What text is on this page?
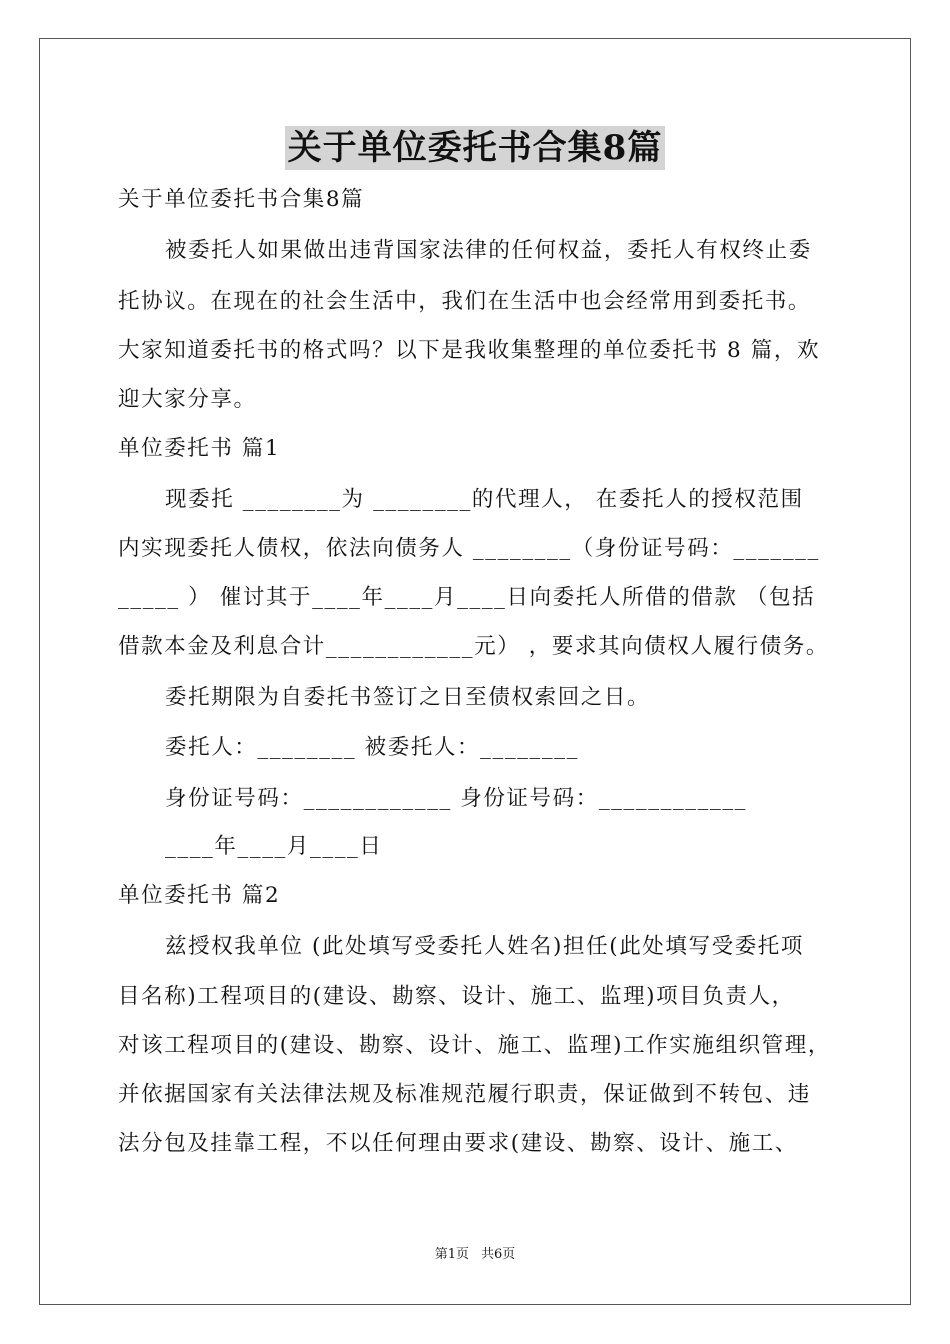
关于单位委托书合集8篇
关于单位委托书合集8篇
被委托人如果做出违背国家法律的任何权益，委托人有权终止委
托协议。在现在的社会生活中，我们在生活中也会经常用到委托书。
大家知道委托书的格式吗？以下是我收集整理的单位委托书 8 篇，欢
迎大家分享。
单位委托书 篇1
现委托 ________为 ________的代理人， 在委托人的授权范围
内实现委托人债权，依法向债务人 ________（身份证号码：_______
_____ ） 催讨其于____年____月____日向委托人所借的借款 （包括
借款本金及利息合计____________元） ，要求其向债权人履行债务。
委托期限为自委托书签订之日至债权索回之日。
委托人：________ 被委托人：________
身份证号码：____________ 身份证号码：____________
____年____月____日
单位委托书 篇2
兹授权我单位 (此处填写受委托人姓名)担任(此处填写受委托项
目名称)工程项目的(建设、勘察、设计、施工、监理)项目负责人，
对该工程项目的(建设、勘察、设计、施工、监理)工作实施组织管理，
并依据国家有关法律法规及标准规范履行职责，保证做到不转包、违
法分包及挂靠工程，不以任何理由要求(建设、勘察、设计、施工、
第1页 共6页
